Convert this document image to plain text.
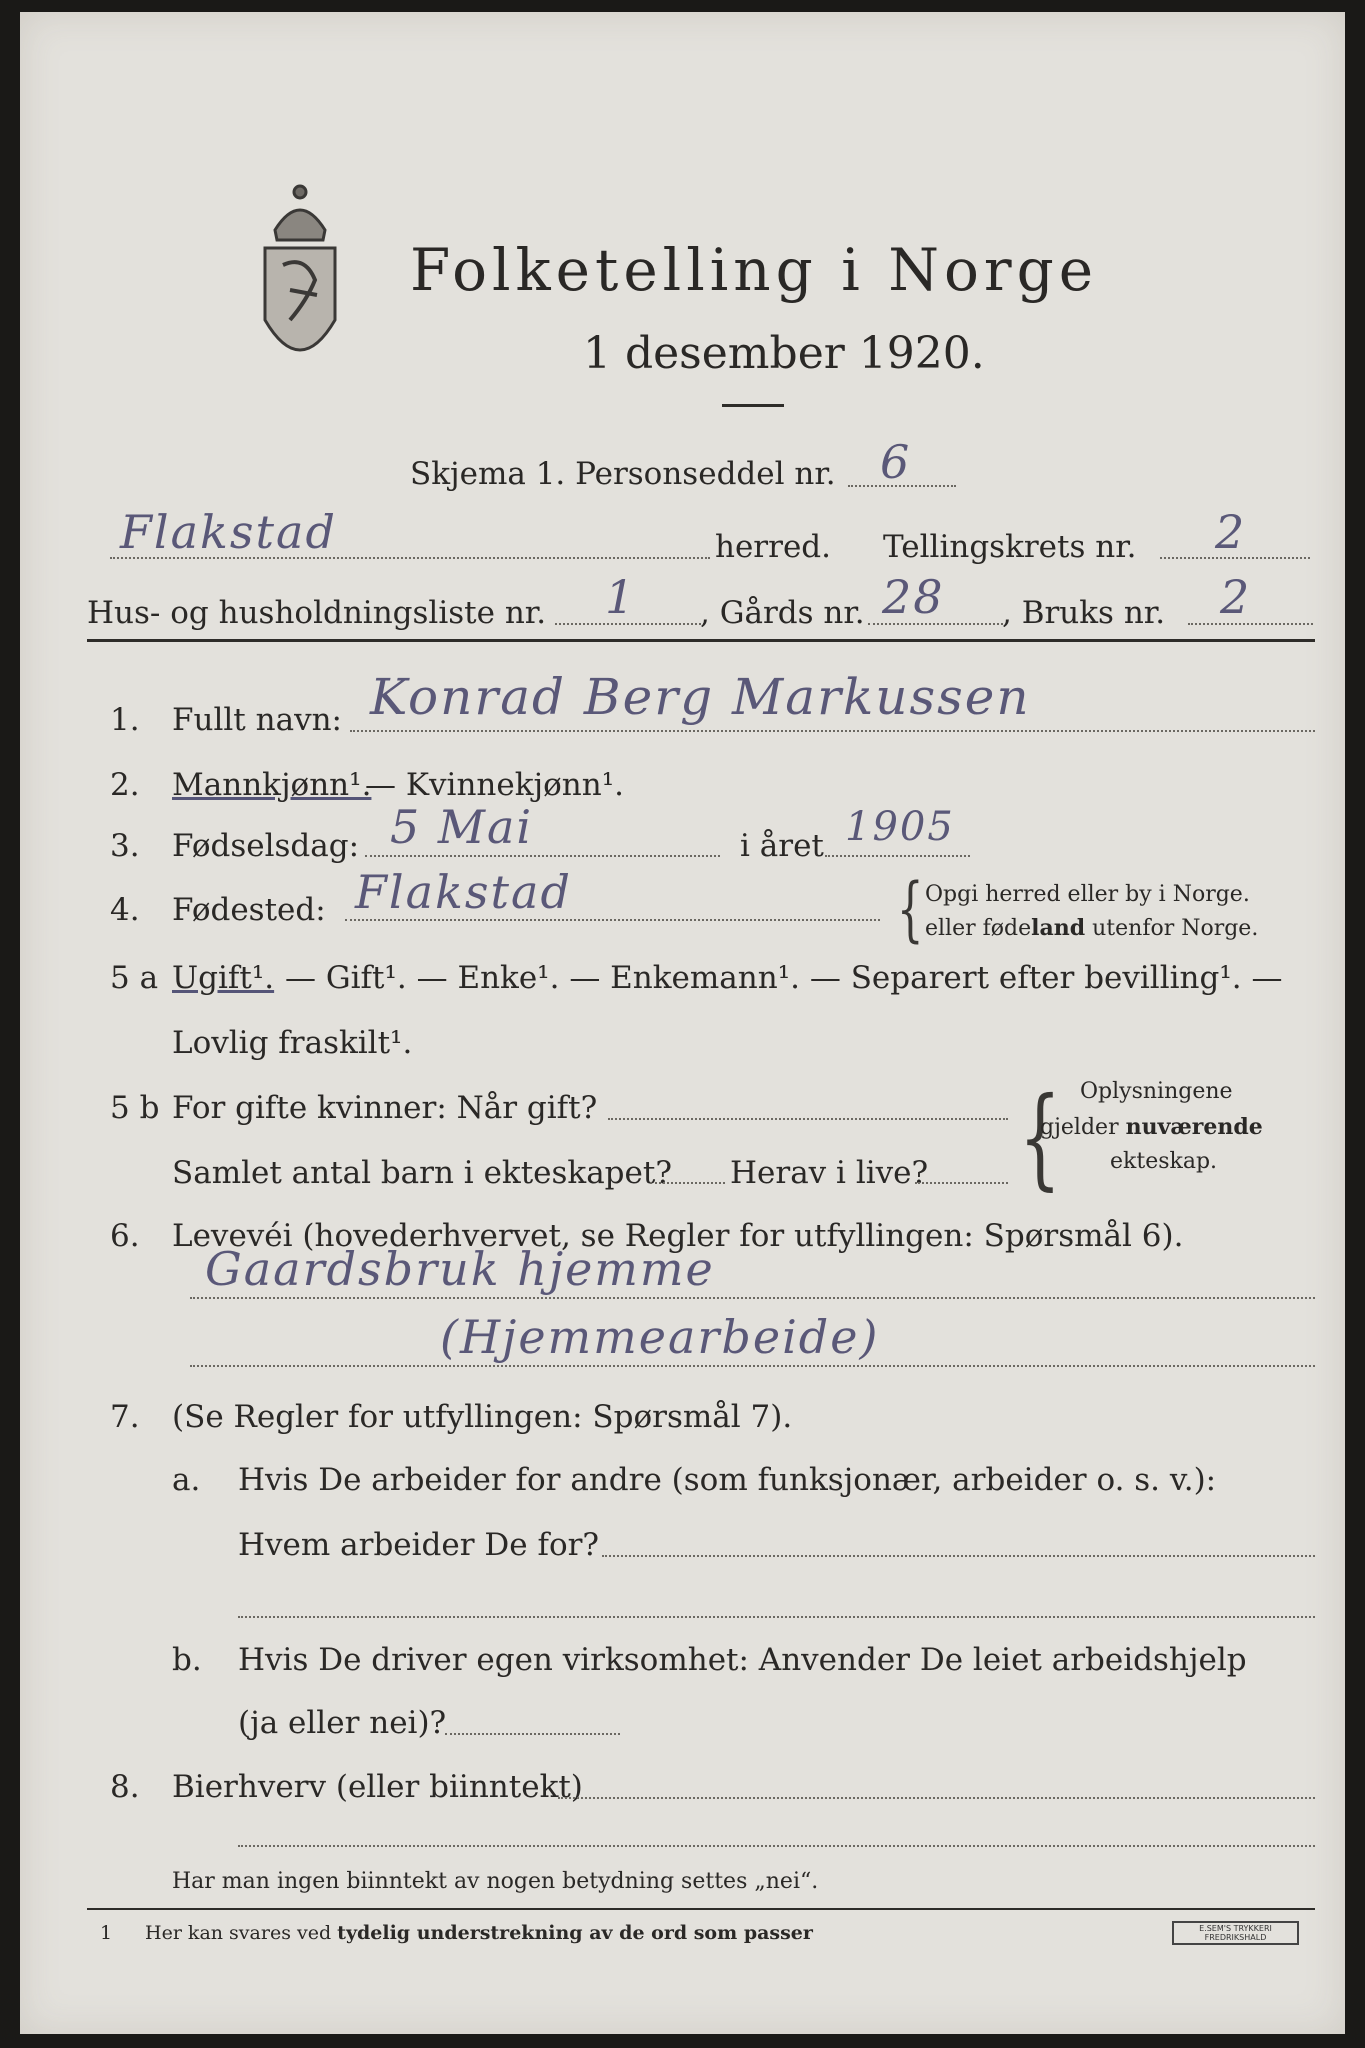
Folketelling i Norge
1 desember 1920.
Skjema 1. Personseddel nr. 6
Flakstad	herred. Tellingskrets nr. 2
Hus- og husholdningsliste nr. 1 , Gårds nr. 28 , Bruks nr. 2
1. Fullt navn: Konrad Berg Markussen
2. Mannkjønn¹.
— Kvinnekjønn¹.
3. Fødselsdag: 5 Mai	i året 1905
4. Fødested: Flakstad	{ Opgi herred eller by i Norge.
eller fødeland utenfor Norge.
5 a Ugift¹. — Gift¹. — Enke¹. — Enkemann¹. — Separert efter bevilling¹. —
Lovlig fraskilt¹.
5 b For gifte kvinner: Når gift?
Samlet antal barn i ekteskapet? Herav i live? { Oplysningene
gjelder nuværende
ekteskap.
6. Levevéi (hovederhvervet, se Regler for utfyllingen: Spørsmål 6).
Gaardsbruk hjemme
(Hjemmearbeide)
7. (Se Regler for utfyllingen: Spørsmål 7).
a. Hvis De arbeider for andre (som funksjonær, arbeider o. s. v.):
Hvem arbeider De for?
b. Hvis De driver egen virksomhet: Anvender De leiet arbeidshjelp
(ja eller nei)?
8. Bierhverv (eller biinntekt)
Har man ingen biinntekt av nogen betydning settes „nei“.
1 Her kan svares ved tydelig understrekning av de ord som passer	E.SEM'S TRYKKERI
FREDRIKSHALD
